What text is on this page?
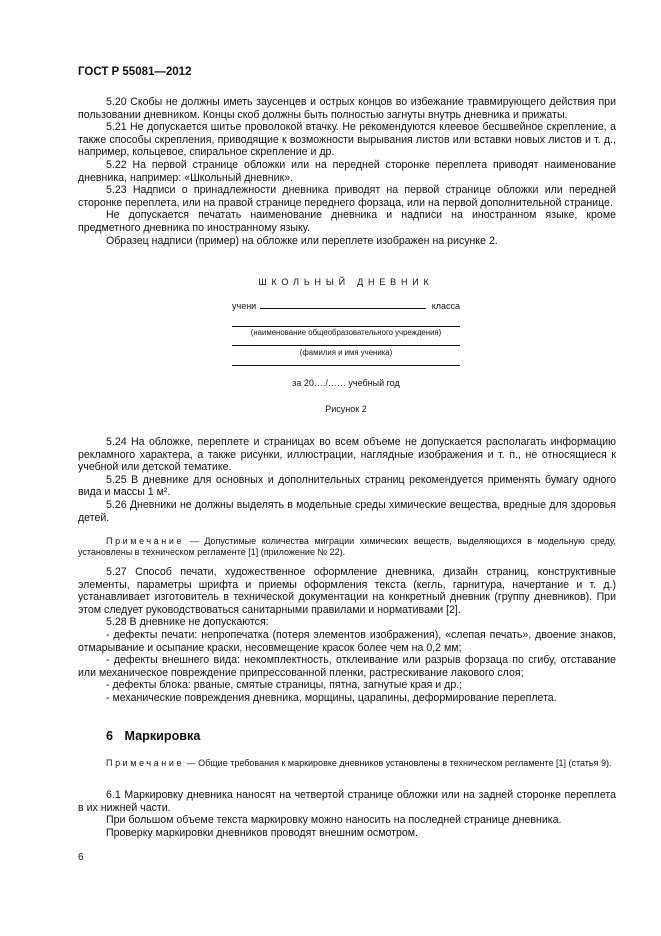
ГОСТ Р 55081—2012

5.20 Скобы не должны иметь заусенцев и острых концов во избежание травмирующего действия при пользовании дневником. Концы скоб должны быть полностью загнуты внутрь дневника и прижаты.

5.21 Не допускается шитье проволокой втачку. Не рекомендуются клеевое бесшвейное скрепление, а также способы скрепления, приводящие к возможности вырывания листов или вставки новых листов и т. д., например, кольцевое, спиральное скрепление и др.

5.22 На первой странице обложки или на передней сторонке переплета приводят наименование дневника, например: «Школьный дневник».

5.23 Надписи о принадлежности дневника приводят на первой странице обложки или передней сторонке переплета, или на правой странице переднего форзаца, или на первой дополнительной странице.

Не допускается печатать наименование дневника и надписи на иностранном языке, кроме предметного дневника по иностранному языку.

Образец надписи (пример) на обложке или переплете изображен на рисунке 2.

ШКОЛЬНЫЙ ДНЕВНИК
учени	класса
(наименование общеобразовательного учреждения)
(фамилия и имя ученика)
за 20…./…… учебный год
Рисунок 2

5.24 На обложке, переплете и страницах во всем объеме не допускается располагать информацию рекламного характера, а также рисунки, иллюстрации, наглядные изображения и т. п., не относящиеся к учебной или детской тематике.

5.25 В дневнике для основных и дополнительных страниц рекомендуется применять бумагу одного вида и массы 1 м².

5.26 Дневники не должны выделять в модельные среды химические вещества, вредные для здоровья детей.

Примечание — Допустимые количества миграции химических веществ, выделяющихся в модельную среду, установлены в техническом регламенте [1] (приложение № 22).

5.27 Способ печати, художественное оформление дневника, дизайн страниц, конструктивные элементы, параметры шрифта и приемы оформления текста (кегль, гарнитура, начертание и т. д.) устанавливает изготовитель в технической документации на конкретный дневник (группу дневников). При этом следует руководствоваться санитарными правилами и нормативами [2].

5.28 В дневнике не допускаются:

- дефекты печати: непропечатка (потеря элементов изображения), «слепая печать», двоение знаков, отмарывание и осыпание краски, несовмещение красок более чем на 0,2 мм;

- дефекты внешнего вида: некомплектность, отклеивание или разрыв форзаца по сгибу, отставание или механическое повреждение припрессованной пленки, растрескивание лакового слоя;

- дефекты блока: рваные, смятые страницы, пятна, загнутые края и др.;

- механические повреждения дневника, морщины, царапины, деформирование переплета.

6 Маркировка

Примечание — Общие требования к маркировке дневников установлены в техническом регламенте [1] (статья 9).

6.1 Маркировку дневника наносят на четвертой странице обложки или на задней сторонке переплета в их нижней части.

При большом объеме текста маркировку можно наносить на последней странице дневника.

Проверку маркировки дневников проводят внешним осмотром.

6
